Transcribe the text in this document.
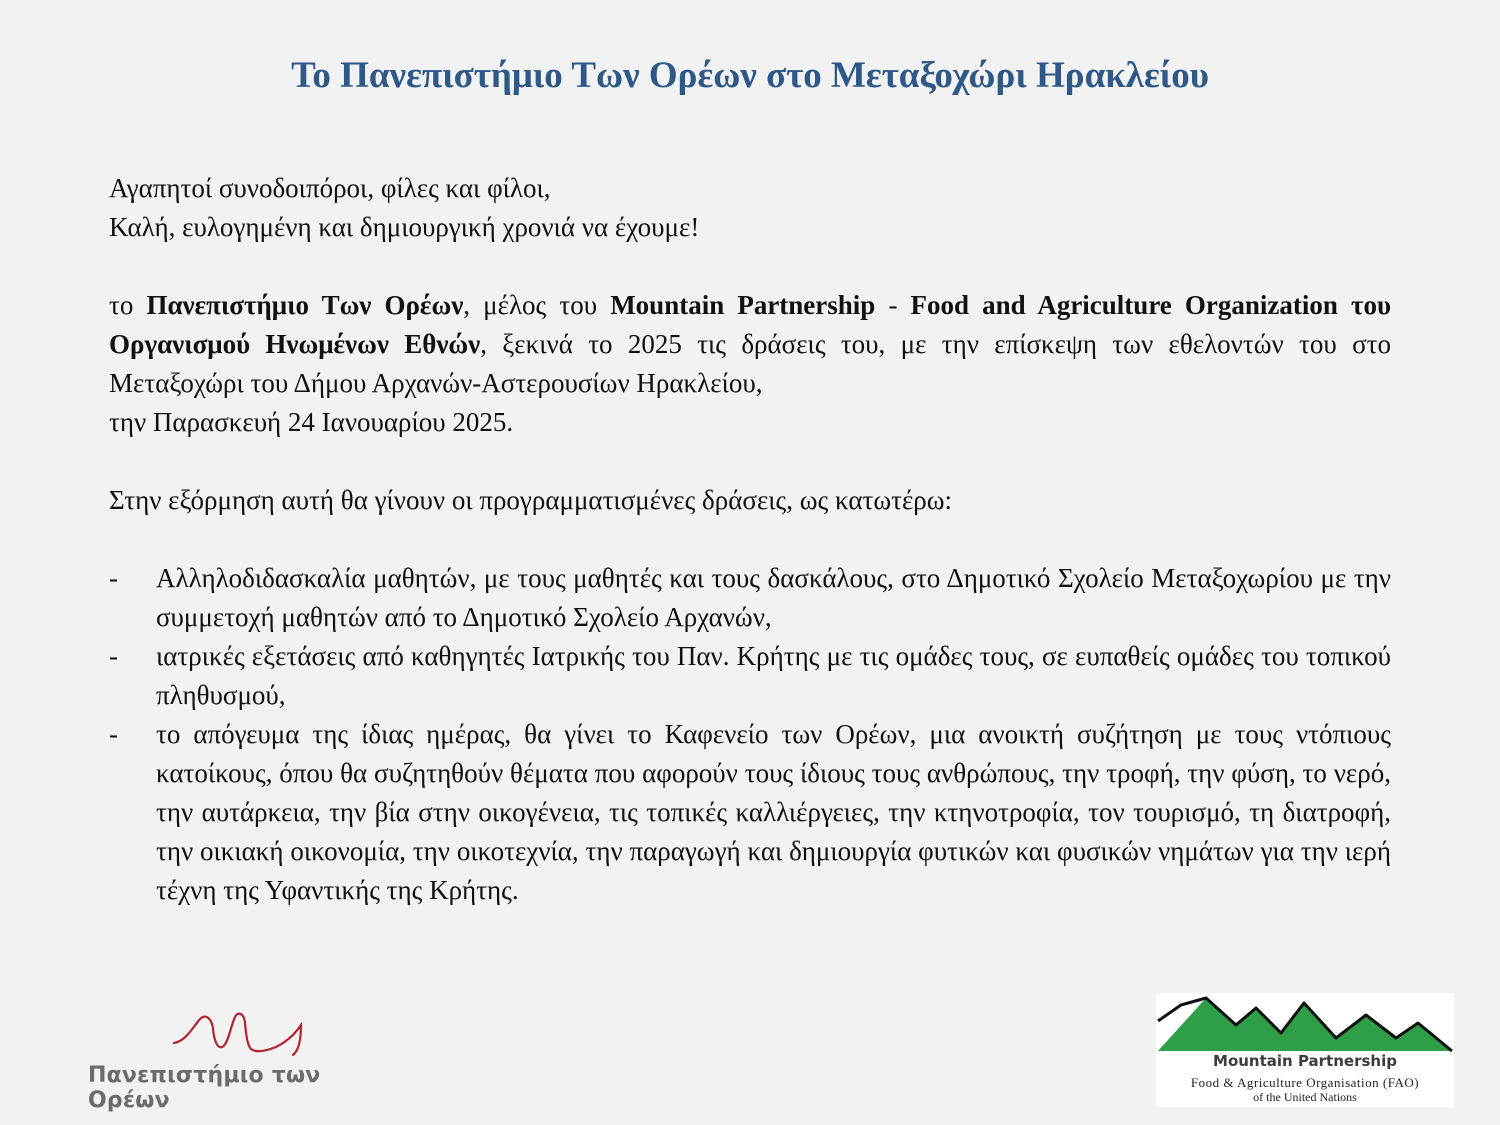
Το Πανεπιστήμιο Των Ορέων στο Μεταξοχώρι Ηρακλείου

Αγαπητοί συνοδοιπόροι, φίλες και φίλοι,

Καλή, ευλογημένη και δημιουργική χρονιά να έχουμε!

το Πανεπιστήμιο Των Ορέων, μέλος του Mountain Partnership - Food and Agriculture Organization του Οργανισμού Ηνωμένων Εθνών, ξεκινά το 2025 τις δράσεις του, με την επίσκεψη των εθελοντών του στο Μεταξοχώρι του Δήμου Αρχανών-Αστερουσίων Ηρακλείου,

την Παρασκευή 24 Ιανουαρίου 2025.

Στην εξόρμηση αυτή θα γίνουν οι προγραμματισμένες δράσεις, ως κατωτέρω:

- Αλληλοδιδασκαλία μαθητών, με τους μαθητές και τους δασκάλους, στο Δημοτικό Σχολείο Μεταξοχωρίου με την συμμετοχή μαθητών από το Δημοτικό Σχολείο Αρχανών,
- ιατρικές εξετάσεις από καθηγητές Ιατρικής του Παν. Κρήτης με τις ομάδες τους, σε ευπαθείς ομάδες του τοπικού πληθυσμού,
- το απόγευμα της ίδιας ημέρας, θα γίνει το Καφενείο των Ορέων, μια ανοικτή συζήτηση με τους ντόπιους κατοίκους, όπου θα συζητηθούν θέματα που αφορούν τους ίδιους τους ανθρώπους, την τροφή, την φύση, το νερό, την αυτάρκεια, την βία στην οικογένεια, τις τοπικές καλλιέργειες, την κτηνοτροφία, τον τουρισμό, τη διατροφή, την οικιακή οικονομία, την οικοτεχνία, την παραγωγή και δημιουργία φυτικών και φυσικών νημάτων για την ιερή τέχνη της Υφαντικής της Κρήτης.
Πανεπιστήμιο των Ορέων
Mountain Partnership
Food & Agriculture Organisation (FAO)
of the United Nations
